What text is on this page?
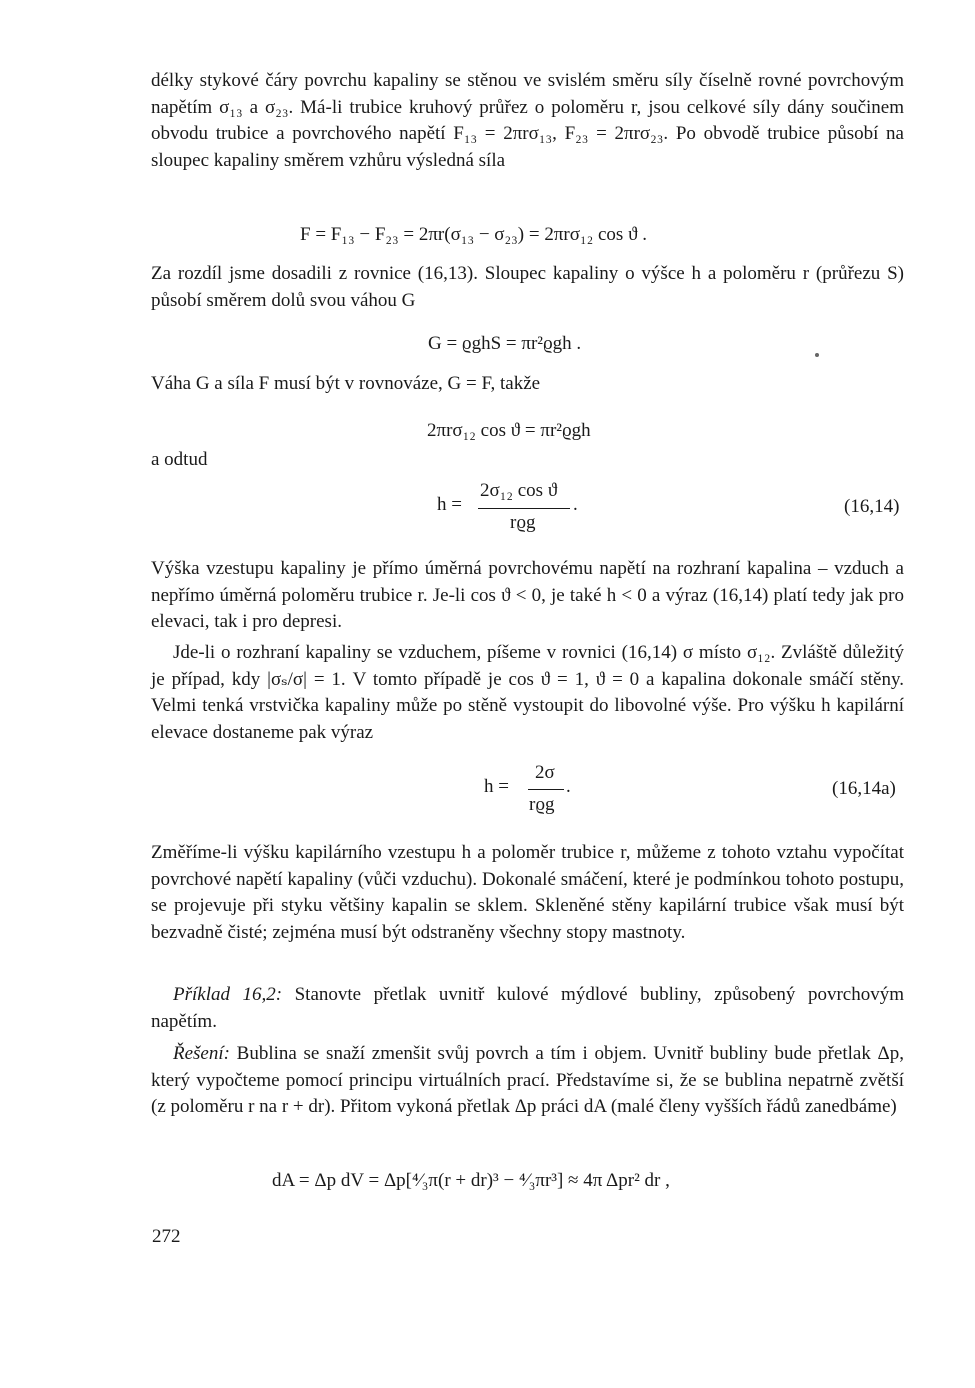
délky stykové čáry povrchu kapaliny se stěnou ve svislém směru síly číselně rovné povrchovým napětím σ₁₃ a σ₂₃. Má-li trubice kruhový průřez o poloměru r, jsou celkové síly dány součinem obvodu trubice a povrchového napětí F₁₃ = 2πrσ₁₃, F₂₃ = 2πrσ₂₃. Po obvodě trubice působí na sloupec kapaliny směrem vzhůru výsledná síla

F = F₁₃ − F₂₃ = 2πr(σ₁₃ − σ₂₃) = 2πrσ₁₂ cos ϑ .

Za rozdíl jsme dosadili z rovnice (16,13). Sloupec kapaliny o výšce h a poloměru r (průřezu S) působí směrem dolů svou váhou G

G = ϱghS = πr²ϱgh .

Váha G a síla F musí být v rovnováze, G = F, takže

2πrσ₁₂ cos ϑ = πr²ϱgh
a odtud
h =
2σ₁₂ cos ϑ
rϱg
.	(16,14)

Výška vzestupu kapaliny je přímo úměrná povrchovému napětí na rozhraní kapalina – vzduch a nepřímo úměrná poloměru trubice r. Je-li cos ϑ < 0, je také h < 0 a výraz (16,14) platí tedy jak pro elevaci, tak i pro depresi.

Jde-li o rozhraní kapaliny se vzduchem, píšeme v rovnici (16,14) σ místo σ₁₂. Zvláště důležitý je případ, kdy |σₛ/σ| = 1. V tomto případě je cos ϑ = 1, ϑ = 0 a kapalina dokonale smáčí stěny. Velmi tenká vrstvička kapaliny může po stěně vystoupit do libovolné výše. Pro výšku h kapilární elevace dostaneme pak výraz

h =
2σ
rϱg
.	(16,14a)

Změříme-li výšku kapilárního vzestupu h a poloměr trubice r, můžeme z tohoto vztahu vypočítat povrchové napětí kapaliny (vůči vzduchu). Dokonalé smáčení, které je podmínkou tohoto postupu, se projevuje při styku většiny kapalin se sklem. Skleněné stěny kapilární trubice však musí být bezvadně čisté; zejména musí být odstraněny všechny stopy mastnoty.

Příklad 16,2: Stanovte přetlak uvnitř kulové mýdlové bubliny, způsobený povrchovým napětím.

Řešení: Bublina se snaží zmenšit svůj povrch a tím i objem. Uvnitř bubliny bude přetlak Δp, který vypočteme pomocí principu virtuálních prací. Představíme si, že se bublina nepatrně zvětší (z poloměru r na r + dr). Přitom vykoná přetlak Δp práci dA (malé členy vyšších řádů zanedbáme)

dA = Δp dV = Δp[⁴⁄₃π(r + dr)³ − ⁴⁄₃πr³] ≈ 4π Δpr² dr ,
272
